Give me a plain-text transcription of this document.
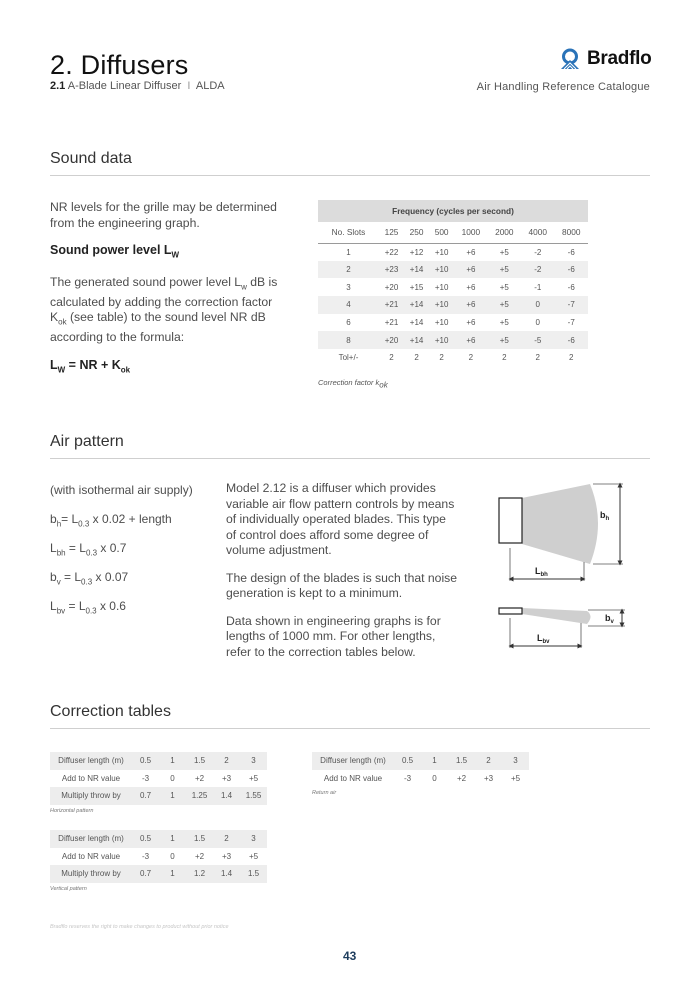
2. Diffusers
2.1 A-Blade Linear Diffuser I ALDA
Bradflo
Air Handling Reference Catalogue
Sound data

NR levels for the grille may be determined from the engineering graph.

Sound power level $L_W$

The generated sound power level $L_w$ dB is calculated by adding the correction factor $K_{ok}$ (see table) to the sound level NR dB according to the formula:

$L_W$ = NR + $K_{ok}$

Frequency (cycles per second)							
No. Slots	125	250	500	1000	2000	4000	8000
1	+22	+12	+10	+6	+5	-2	-6
2	+23	+14	+10	+6	+5	-2	-6
3	+20	+15	+10	+6	+5	-1	-6
4	+21	+14	+10	+6	+5	0	-7
6	+21	+14	+10	+6	+5	0	-7
8	+20	+14	+10	+6	+5	-5	-6
Tol+/-	2	2	2	2	2	2	2
Correction factor $k_{ok}$
Air pattern
(with isothermal air supply)
$b_h= L_{0.3}$ x 0.02 + length
$L_{bh} = L_{0.3}$ x 0.7
$b_v = L_{0.3}$ x 0.07
$L_{bv} = L_{0.3}$ x 0.6

Model 2.12 is a diffuser which provides variable air flow pattern controls by means of individually operated blades. This type of control does afford some degree of volume adjustment.

The design of the blades is such that noise generation is kept to a minimum.

Data shown in engineering graphs is for lengths of 1000 mm. For other lengths, refer to the correction tables below.

$b_h$
$L_{bh}$
$b_v$
$L_{bv}$
Correction tables
Diffuser length (m)	0.5	1	1.5	2	3
Add to NR value	-3	0	+2	+3	+5
Multiply throw by	0.7	1	1.25	1.4	1.55
Horizontal pattern
Diffuser length (m)	0.5	1	1.5	2	3
Add to NR value	-3	0	+2	+3	+5
Multiply throw by	0.7	1	1.2	1.4	1.5
Vertical pattern
Diffuser length (m)	0.5	1	1.5	2	3
Add to NR value	-3	0	+2	+3	+5
Return air
Bradflo reserves the right to make changes to product without prior notice
43
